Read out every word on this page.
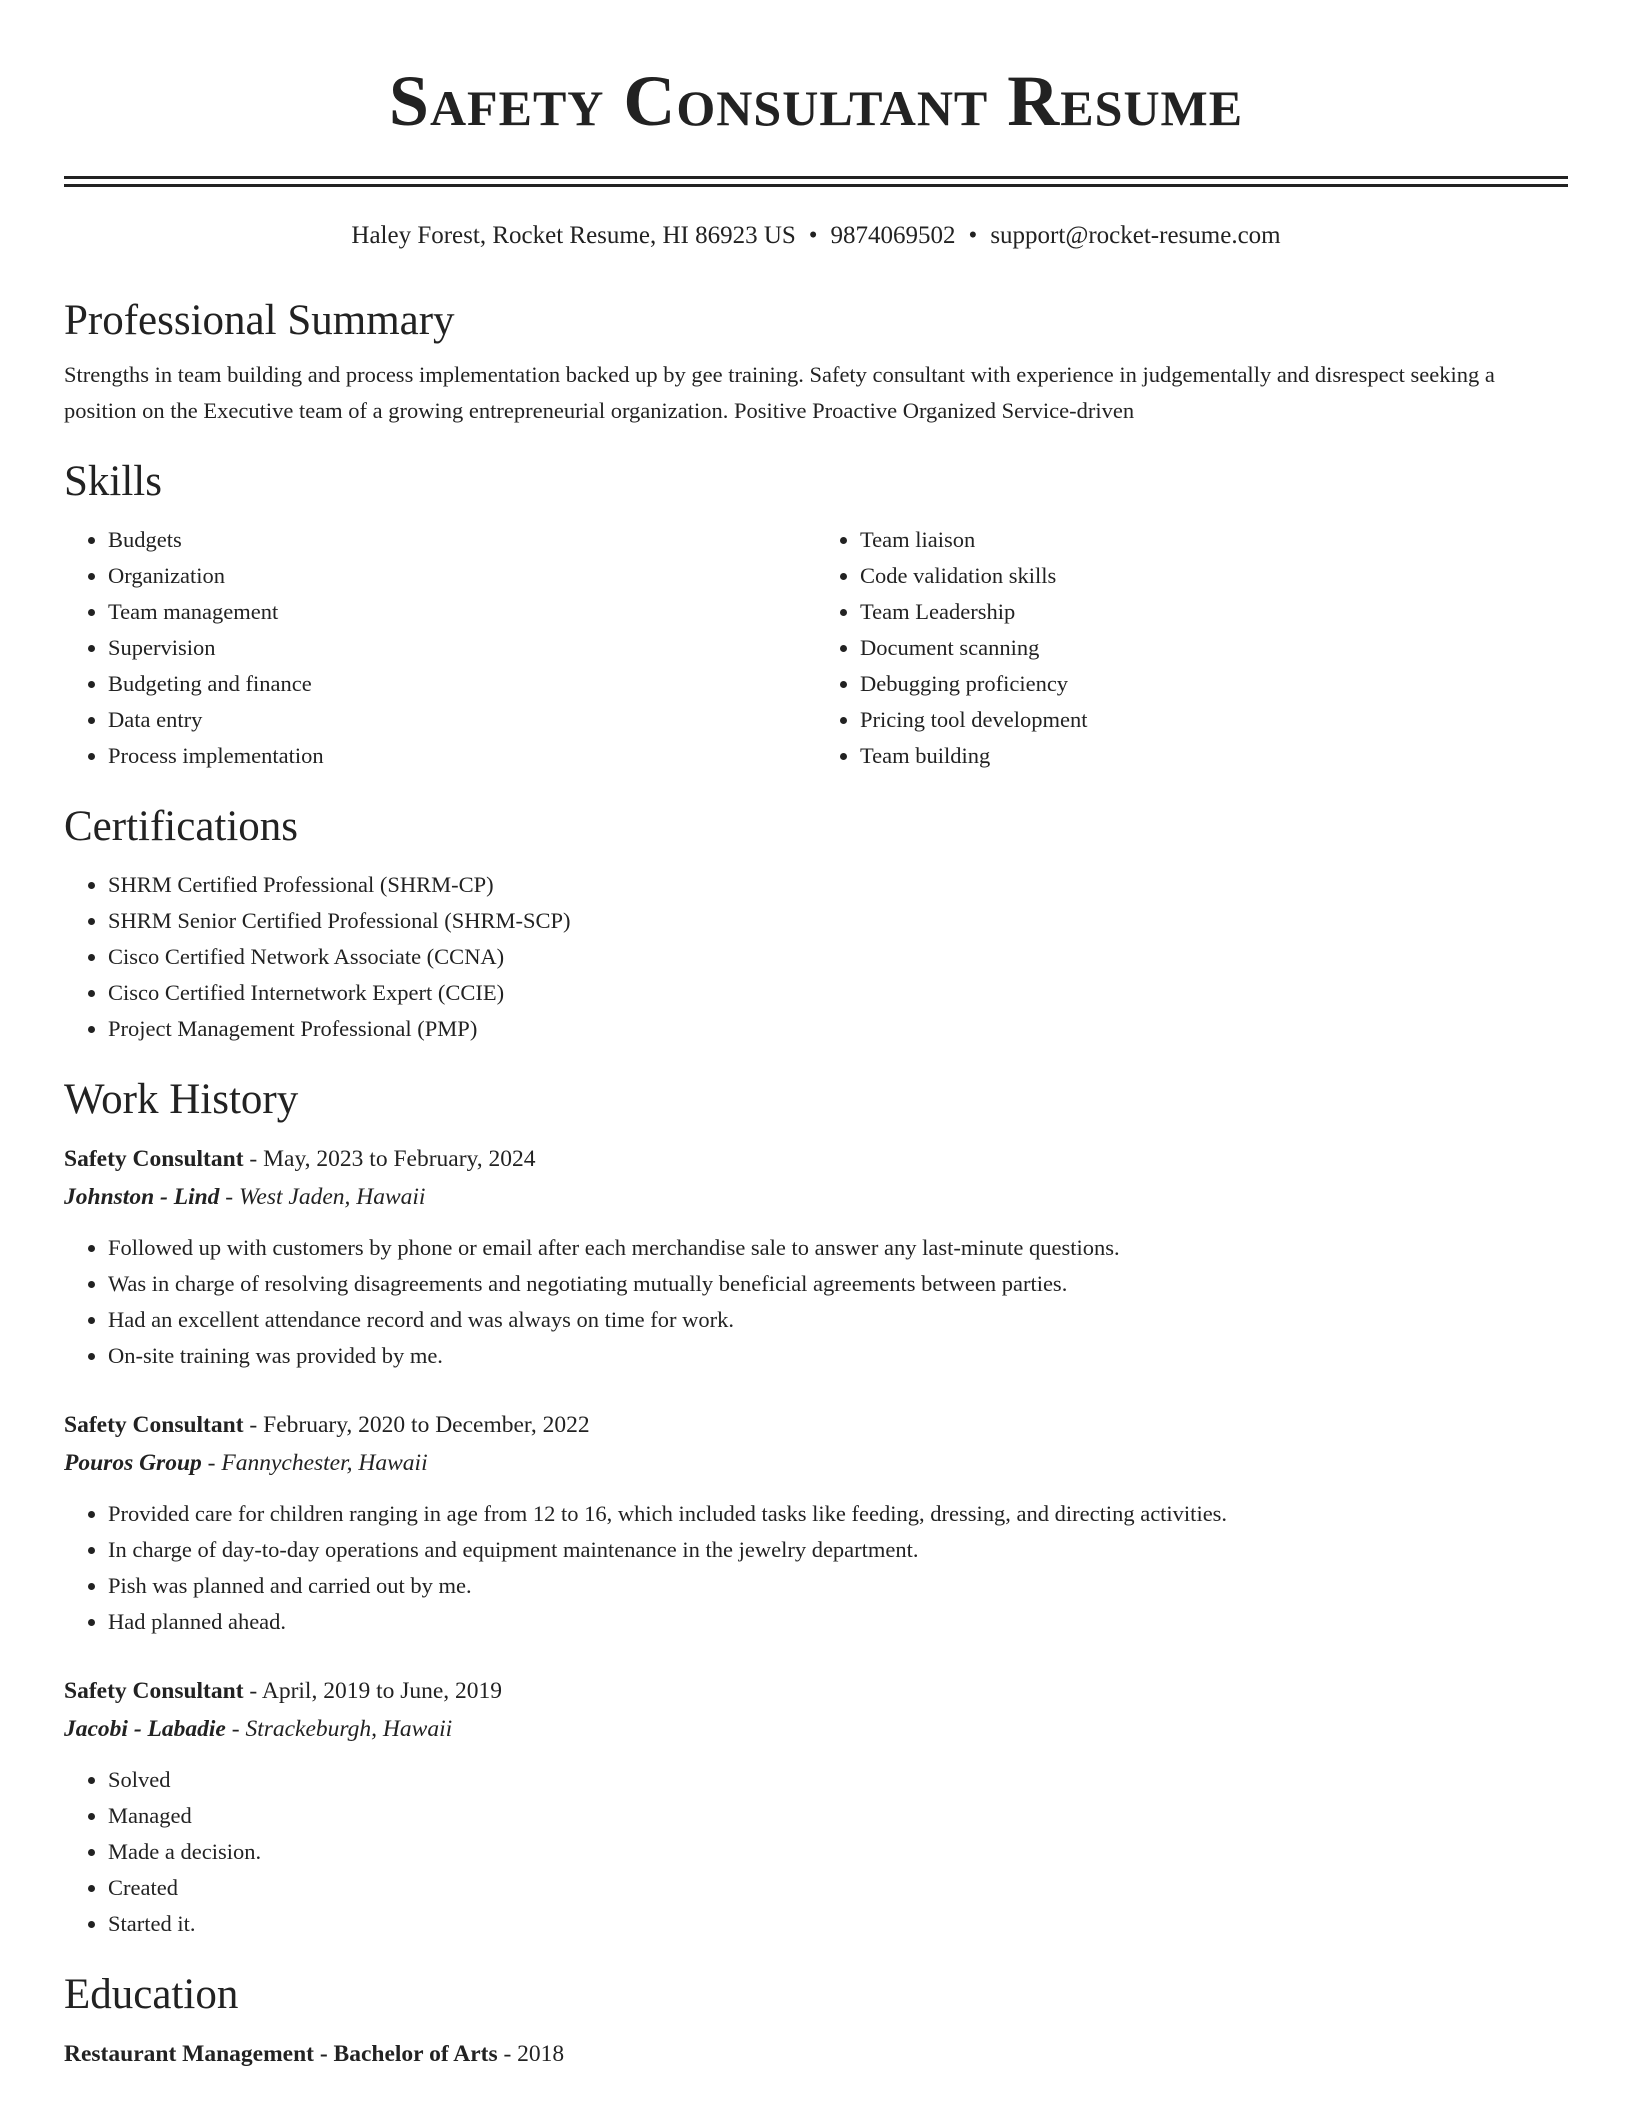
Safety Consultant Resume
Haley Forest, Rocket Resume, HI 86923 US • 9874069502 • support@rocket-resume.com
Professional Summary

Strengths in team building and process implementation backed up by gee training. Safety consultant with experience in judgementally and disrespect seeking a position on the Executive team of a growing entrepreneurial organization. Positive Proactive Organized Service-driven

Skills
• Budgets
• Organization
• Team management
• Supervision
• Budgeting and finance
• Data entry
• Process implementation
• Team liaison
• Code validation skills
• Team Leadership
• Document scanning
• Debugging proficiency
• Pricing tool development
• Team building
Certifications
• SHRM Certified Professional (SHRM-CP)
• SHRM Senior Certified Professional (SHRM-SCP)
• Cisco Certified Network Associate (CCNA)
• Cisco Certified Internetwork Expert (CCIE)
• Project Management Professional (PMP)
Work History
Safety Consultant - May, 2023 to February, 2024
Johnston - Lind - West Jaden, Hawaii
• Followed up with customers by phone or email after each merchandise sale to answer any last-minute questions.
• Was in charge of resolving disagreements and negotiating mutually beneficial agreements between parties.
• Had an excellent attendance record and was always on time for work.
• On-site training was provided by me.
Safety Consultant - February, 2020 to December, 2022
Pouros Group - Fannychester, Hawaii
• Provided care for children ranging in age from 12 to 16, which included tasks like feeding, dressing, and directing activities.
• In charge of day-to-day operations and equipment maintenance in the jewelry department.
• Pish was planned and carried out by me.
• Had planned ahead.
Safety Consultant - April, 2019 to June, 2019
Jacobi - Labadie - Strackeburgh, Hawaii
• Solved
• Managed
• Made a decision.
• Created
• Started it.
Education
Restaurant Management - Bachelor of Arts - 2018
